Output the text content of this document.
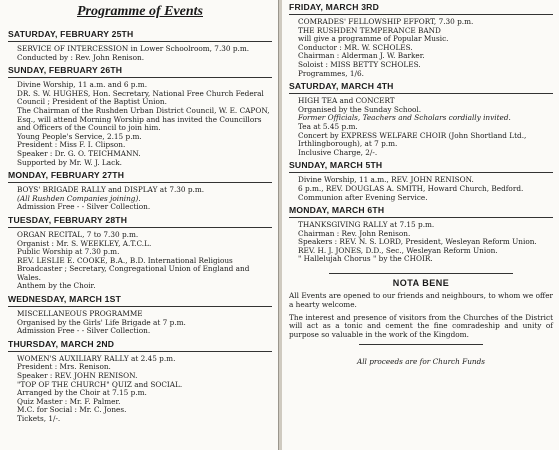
Programme of Events
SATURDAY, FEBRUARY 25TH
SERVICE OF INTERCESSION in Lower Schoolroom, 7.30 p.m.
Conducted by : Rev. John Renison.
SUNDAY, FEBRUARY 26TH
Divine Worship, 11 a.m. and 6 p.m.
DR. S. W. HUGHES, Hon. Secretary, National Free Church Federal Council ; President of the Baptist Union.
The Chairman of the Rushden Urban District Council, W. E. CAPON, Esq., will attend Morning Worship and has invited the Councillors and Officers of the Council to join him.
Young People's Service, 2.15 p.m.
President : Miss F. I. Clipson.
Speaker : Dr. G. O. TEICHMANN.
Supported by Mr. W. J. Lack.
MONDAY, FEBRUARY 27TH
BOYS' BRIGADE RALLY and DISPLAY at 7.30 p.m.
(All Rushden Companies joining).
Admission Free - - Silver Collection.
TUESDAY, FEBRUARY 28TH
ORGAN RECITAL, 7 to 7.30 p.m.
Organist : Mr. S. WEEKLEY, A.T.C.L.
Public Worship at 7.30 p.m.
REV. LESLIE E. COOKE, B.A., B.D. International Religious Broadcaster ; Secretary, Congregational Union of England and Wales.
Anthem by the Choir.
WEDNESDAY, MARCH 1ST
MISCELLANEOUS PROGRAMME
Organised by the Girls' Life Brigade at 7 p.m.
Admission Free - - Silver Collection.
THURSDAY, MARCH 2ND
WOMEN'S AUXILIARY RALLY at 2.45 p.m.
President : Mrs. Renison.
Speaker : REV. JOHN RENISON.
"TOP OF THE CHURCH" QUIZ and SOCIAL.
Arranged by the Choir at 7.15 p.m.
Quiz Master : Mr. F. Palmer.
M.C. for Social : Mr. C. Jones.
Tickets, 1/-.
FRIDAY, MARCH 3RD
COMRADES' FELLOWSHIP EFFORT, 7.30 p.m.
THE RUSHDEN TEMPERANCE BAND
will give a programme of Popular Music.
Conductor : MR. W. SCHOLES.
Chairman : Alderman J. W. Barker.
Soloist : MISS BETTY SCHOLES.
Programmes, 1/6.
SATURDAY, MARCH 4TH
HIGH TEA and CONCERT
Organised by the Sunday School.
Former Officials, Teachers and Scholars cordially invited.
Tea at 5.45 p.m.
Concert by EXPRESS WELFARE CHOIR (John Shortland Ltd., Irthlingborough), at 7 p.m.
Inclusive Charge, 2/-.
SUNDAY, MARCH 5TH
Divine Worship, 11 a.m., REV. JOHN RENISON.
6 p.m., REV. DOUGLAS A. SMITH, Howard Church, Bedford.
Communion after Evening Service.
MONDAY, MARCH 6TH
THANKSGIVING RALLY at 7.15 p.m.
Chairman : Rev. John Renison.
Speakers : REV. N. S. LORD, President, Wesleyan Reform Union.
REV. H. J. JONES, D.D., Sec., Wesleyan Reform Union.
" Hallelujah Chorus " by the CHOIR.
NOTA BENE

All Events are opened to our friends and neighbours, to whom we offer a hearty welcome.

The interest and presence of visitors from the Churches of the District will act as a tonic and cement the fine comradeship and unity of purpose so valuable in the work of the Kingdom.

All proceeds are for Church Funds
